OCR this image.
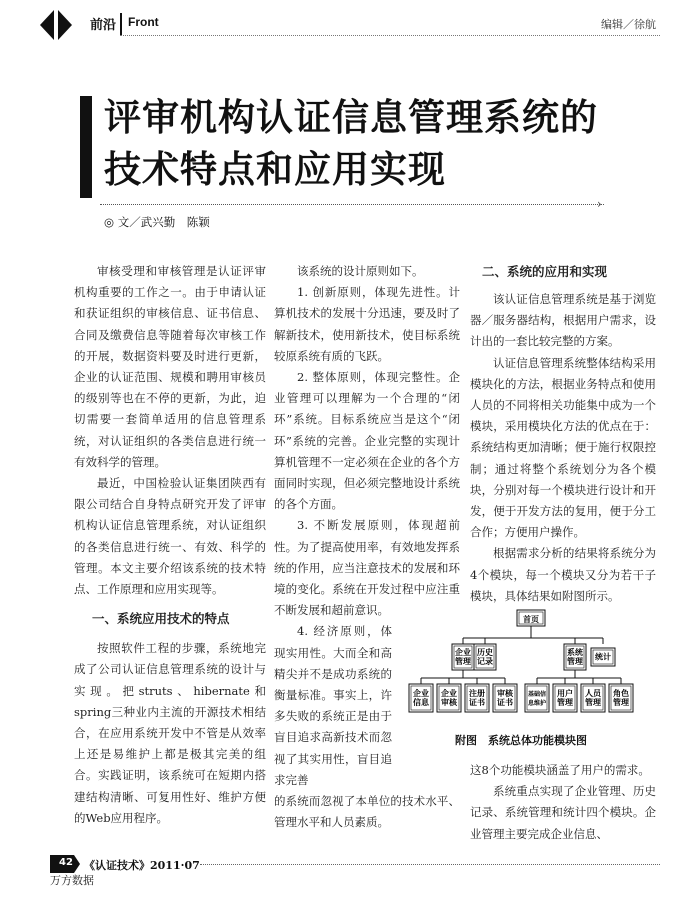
前沿 Front	编辑／徐航
评审机构认证信息管理系统的
技术特点和应用实现
›
◎ 文／武兴勤　陈颖

审核受理和审核管理是认证评审机构重要的工作之一。由于申请认证和获证组织的审核信息、证书信息、合同及缴费信息等随着每次审核工作的开展，数据资料要及时进行更新，企业的认证范围、规模和聘用审核员的级别等也在不停的更新，为此，迫切需要一套简单适用的信息管理系统，对认证组织的各类信息进行统一有效科学的管理。

最近，中国检验认证集团陕西有限公司结合自身特点研究开发了评审机构认证信息管理系统，对认证组织的各类信息进行统一、有效、科学的管理。本文主要介绍该系统的技术特点、工作原理和应用实现等。

一、系统应用技术的特点

按照软件工程的步骤，系统地完成了公司认证信息管理系统的设计与实现。把struts、hibernate和spring三种业内主流的开源技术相结合，在应用系统开发中不管是从效率上还是易维护上都是极其完美的组合。实践证明，该系统可在短期内搭建结构清晰、可复用性好、维护方便的Web应用程序。

该系统的设计原则如下。

1. 创新原则，体现先进性。计算机技术的发展十分迅速，要及时了解新技术，使用新技术，使目标系统较原系统有质的飞跃。

2. 整体原则，体现完整性。企业管理可以理解为一个合理的“闭环”系统。目标系统应当是这个“闭环”系统的完善。企业完整的实现计算机管理不一定必须在企业的各个方面同时实现，但必须完整地设计系统的各个方面。

3. 不断发展原则，体现超前性。为了提高使用率，有效地发挥系统的作用，应当注意技术的发展和环境的变化。系统在开发过程中应注重不断发展和超前意识。

4. 经济原则，体现实用性。大而全和高精尖并不是成功系统的衡量标准。事实上，许多失败的系统正是由于盲目追求高新技术而忽视了其实用性，盲目追求完善

的系统而忽视了本单位的技术水平、管理水平和人员素质。

二、系统的应用和实现

该认证信息管理系统是基于浏览器／服务器结构，根据用户需求，设计出的一套比较完整的方案。

认证信息管理系统整体结构采用模块化的方法，根据业务特点和使用人员的不同将相关功能集中成为一个模块，采用模块化方法的优点在于：系统结构更加清晰；便于施行权限控制；通过将整个系统划分为各个模块，分别对每一个模块进行设计和开发，便于开发方法的复用，便于分工合作；方便用户操作。

根据需求分析的结果将系统分为4个模块，每一个模块又分为若干子模块，具体结果如附图所示。

首页
企业
管理
历史
记录
系统
管理 统计
企业
信息
企业
审核
注册
证书
审核
证书
基础信
息维护
用户
管理
人员
管理
角色
管理
附图　系统总体功能模块图

这8个功能模块涵盖了用户的需求。

系统重点实现了企业管理、历史记录、系统管理和统计四个模块。企业管理主要完成企业信息、

42 《认证技术》2011·07
万方数据
